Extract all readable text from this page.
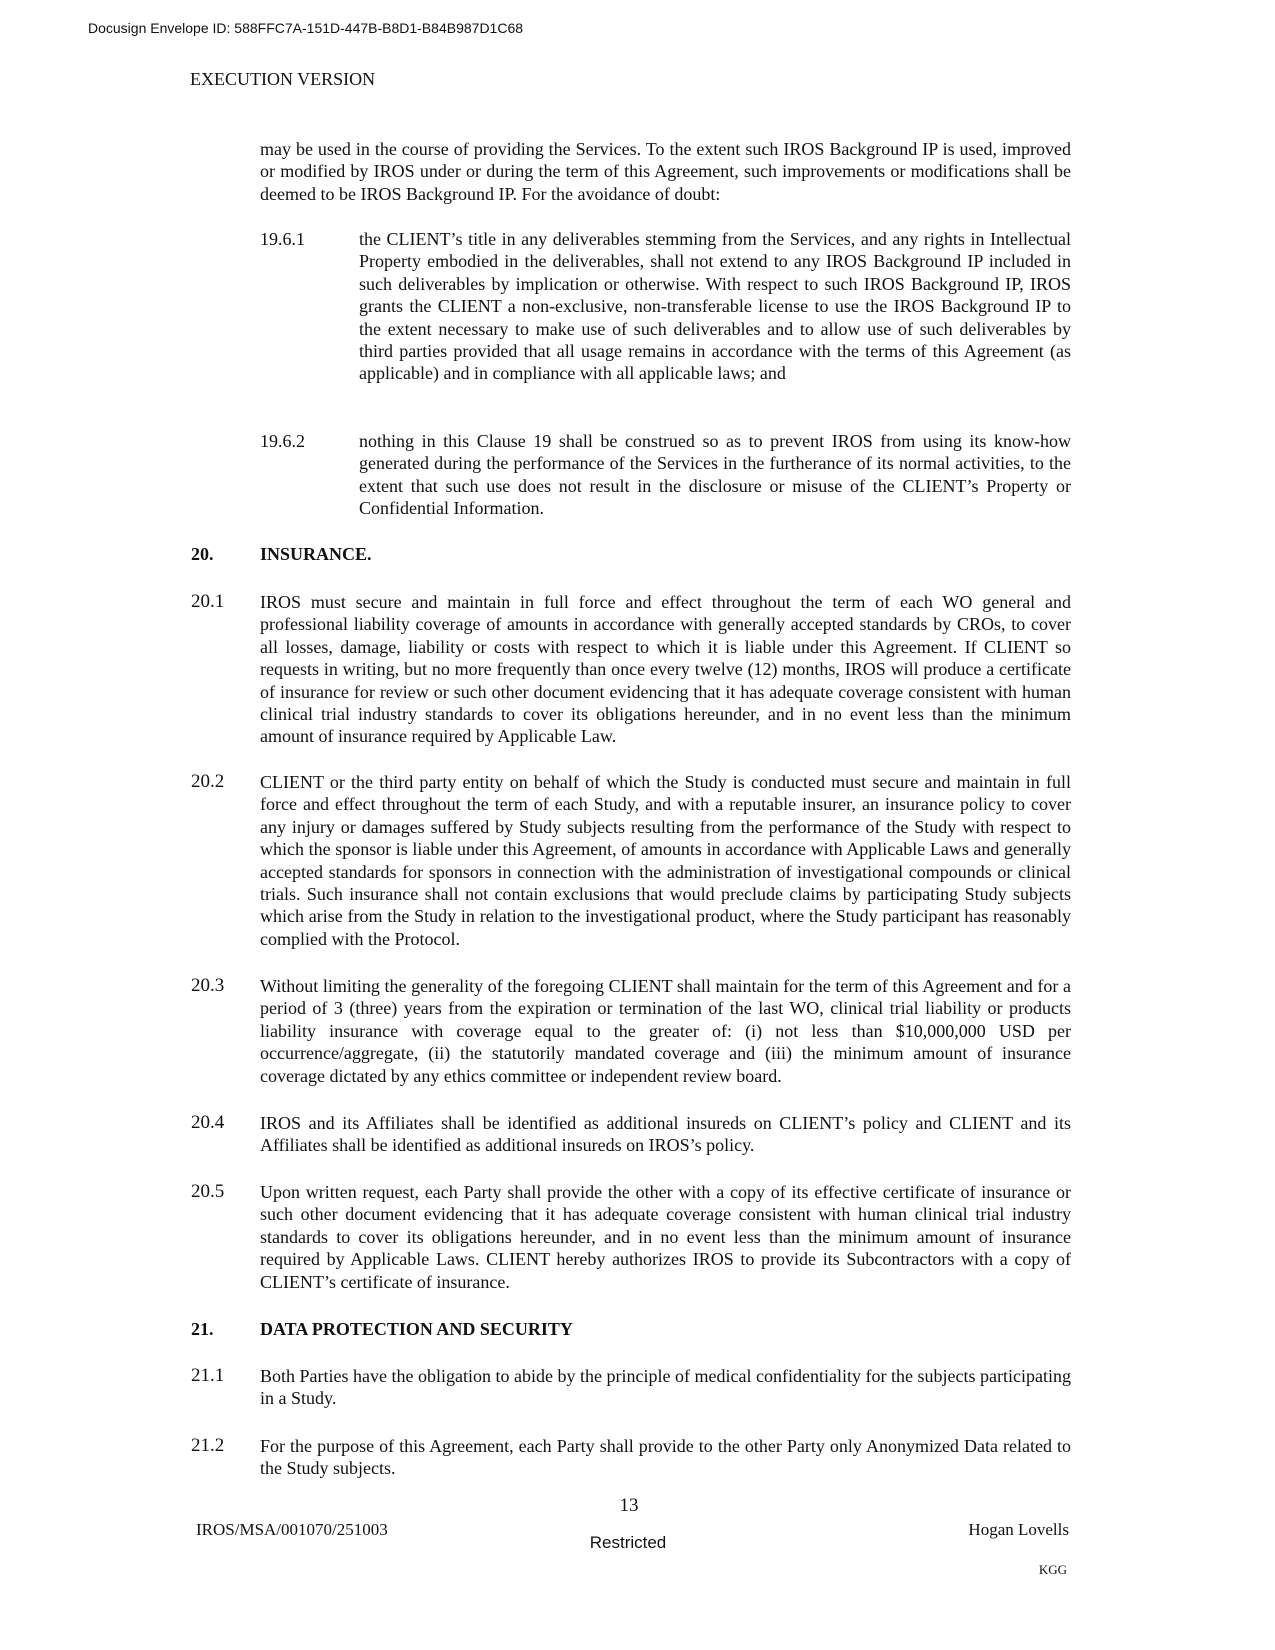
Docusign Envelope ID: 588FFC7A-151D-447B-B8D1-B84B987D1C68
EXECUTION VERSION
may be used in the course of providing the Services. To the extent such IROS Background IP is used, improved or modified by IROS under or during the term of this Agreement, such improvements or modifications shall be deemed to be IROS Background IP. For the avoidance of doubt:
19.6.1	the CLIENT’s title in any deliverables stemming from the Services, and any rights in Intellectual Property embodied in the deliverables, shall not extend to any IROS Background IP included in such deliverables by implication or otherwise. With respect to such IROS Background IP, IROS grants the CLIENT a non-exclusive, non-transferable license to use the IROS Background IP to the extent necessary to make use of such deliverables and to allow use of such deliverables by third parties provided that all usage remains in accordance with the terms of this Agreement (as applicable) and in compliance with all applicable laws; and
19.6.2	nothing in this Clause 19 shall be construed so as to prevent IROS from using its know-how generated during the performance of the Services in the furtherance of its normal activities, to the extent that such use does not result in the disclosure or misuse of the CLIENT’s Property or Confidential Information.
20.	INSURANCE.
20.1 IROS must secure and maintain in full force and effect throughout the term of each WO general and professional liability coverage of amounts in accordance with generally accepted standards by CROs, to cover all losses, damage, liability or costs with respect to which it is liable under this Agreement. If CLIENT so requests in writing, but no more frequently than once every twelve (12) months, IROS will produce a certificate of insurance for review or such other document evidencing that it has adequate coverage consistent with human clinical trial industry standards to cover its obligations hereunder, and in no event less than the minimum amount of insurance required by Applicable Law.
20.2 CLIENT or the third party entity on behalf of which the Study is conducted must secure and maintain in full force and effect throughout the term of each Study, and with a reputable insurer, an insurance policy to cover any injury or damages suffered by Study subjects resulting from the performance of the Study with respect to which the sponsor is liable under this Agreement, of amounts in accordance with Applicable Laws and generally accepted standards for sponsors in connection with the administration of investigational compounds or clinical trials. Such insurance shall not contain exclusions that would preclude claims by participating Study subjects which arise from the Study in relation to the investigational product, where the Study participant has reasonably complied with the Protocol.
20.3 Without limiting the generality of the foregoing CLIENT shall maintain for the term of this Agreement and for a period of 3 (three) years from the expiration or termination of the last WO, clinical trial liability or products liability insurance with coverage equal to the greater of: (i) not less than $10,000,000 USD per occurrence/aggregate, (ii) the statutorily mandated coverage and (iii) the minimum amount of insurance coverage dictated by any ethics committee or independent review board.
20.4 IROS and its Affiliates shall be identified as additional insureds on CLIENT’s policy and CLIENT and its Affiliates shall be identified as additional insureds on IROS’s policy.
20.5 Upon written request, each Party shall provide the other with a copy of its effective certificate of insurance or such other document evidencing that it has adequate coverage consistent with human clinical trial industry standards to cover its obligations hereunder, and in no event less than the minimum amount of insurance required by Applicable Laws. CLIENT hereby authorizes IROS to provide its Subcontractors with a copy of CLIENT’s certificate of insurance.
21.	DATA PROTECTION AND SECURITY
21.1 Both Parties have the obligation to abide by the principle of medical confidentiality for the subjects participating in a Study.
21.2 For the purpose of this Agreement, each Party shall provide to the other Party only Anonymized Data related to the Study subjects.
13
IROS/MSA/001070/251003
Restricted
Hogan Lovells
KGG
